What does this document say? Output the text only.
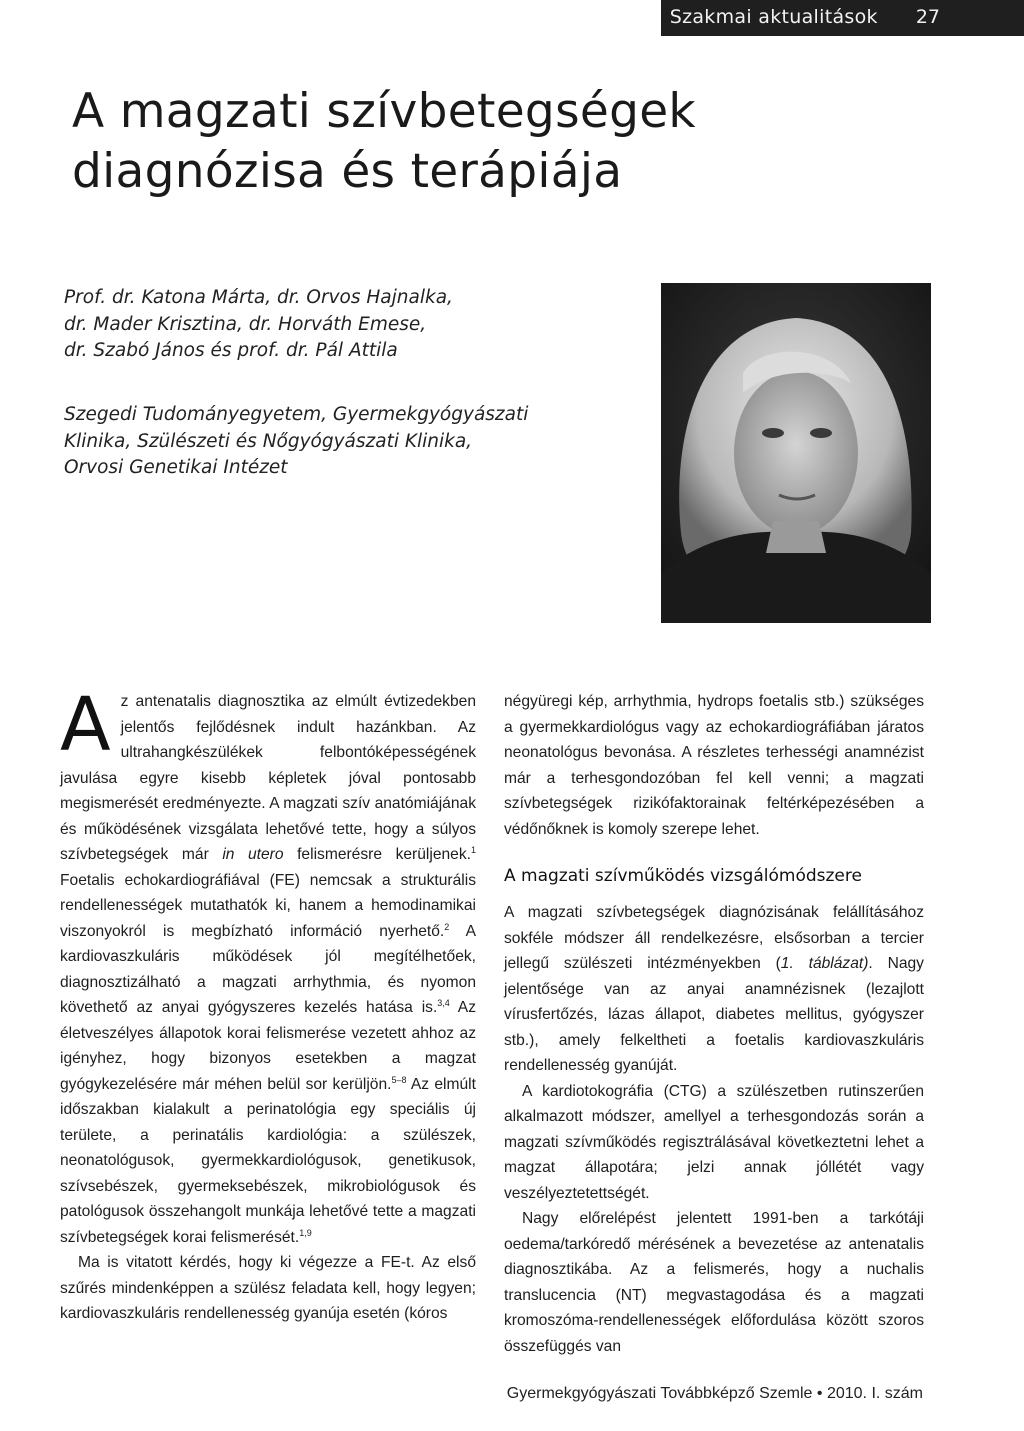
Szakmai aktualitások 27
A magzati szívbetegségek
diagnózisa és terápiája

Prof. dr. Katona Márta, dr. Orvos Hajnalka,
dr. Mader Krisztina, dr. Horváth Emese,
dr. Szabó János és prof. dr. Pál Attila

Szegedi Tudományegyetem, Gyermekgyógyászati
Klinika, Szülészeti és Nőgyógyászati Klinika,
Orvosi Genetikai Intézet

Az antenatalis diagnosztika az elmúlt évtizedekben jelentős fejlődésnek indult hazánkban. Az ultrahangkészülékek felbontóképességének javulása egyre kisebb képletek jóval pontosabb megismerését eredményezte. A magzati szív anatómiájának és működésének vizsgálata lehetővé tette, hogy a súlyos szívbetegségek már in utero felismerésre kerüljenek.$^1$ Foetalis echokardiográfiával (FE) nemcsak a strukturális rendellenességek mutathatók ki, hanem a hemodinamikai viszonyokról is megbízható információ nyerhető.$^2$ A kardiovaszkuláris működések jól megítélhetőek, diagnosztizálható a magzati arrhythmia, és nyomon követhető az anyai gyógyszeres kezelés hatása is.$^{3,4}$ Az életveszélyes állapotok korai felismerése vezetett ahhoz az igényhez, hogy bizonyos esetekben a magzat gyógykezelésére már méhen belül sor kerüljön.$^{5-8}$ Az elmúlt időszakban kialakult a perinatológia egy speciális új területe, a perinatális kardiológia: a szülészek, neonatológusok, gyermekkardiológusok, genetikusok, szívsebészek, gyermeksebészek, mikrobiológusok és patológusok összehangolt munkája lehetővé tette a magzati szívbetegségek korai felismerését.$^{1,9}$

Ma is vitatott kérdés, hogy ki végezze a FE-t. Az első szűrés mindenképpen a szülész feladata kell, hogy legyen; kardiovaszkuláris rendellenesség gyanúja esetén (kóros

négyüregi kép, arrhythmia, hydrops foetalis stb.) szükséges a gyermekkardiológus vagy az echokardiográfiában járatos neonatológus bevonása. A részletes terhességi anamnézist már a terhesgondozóban fel kell venni; a magzati szívbetegségek rizikófaktorainak feltérképezésében a védőnőknek is komoly szerepe lehet.

A magzati szívműködés vizsgálómódszere

A magzati szívbetegségek diagnózisának felállításához sokféle módszer áll rendelkezésre, elsősorban a tercier jellegű szülészeti intézményekben (1. táblázat). Nagy jelentősége van az anyai anamnézisnek (lezajlott vírusfertőzés, lázas állapot, diabetes mellitus, gyógyszer stb.), amely felkeltheti a foetalis kardiovaszkuláris rendellenesség gyanúját.

A kardiotokográfia (CTG) a szülészetben rutinszerűen alkalmazott módszer, amellyel a terhesgondozás során a magzati szívműködés regisztrálásával következtetni lehet a magzat állapotára; jelzi annak jóllétét vagy veszélyeztetettségét.

Nagy előrelépést jelentett 1991-ben a tarkótáji oedema/tarkóredő mérésének a bevezetése az antenatalis diagnosztikába. Az a felismerés, hogy a nuchalis translucencia (NT) megvastagodása és a magzati kromoszóma-rendellenességek előfordulása között szoros összefüggés van

Gyermekgyógyászati Továbbképző Szemle • 2010. I. szám
